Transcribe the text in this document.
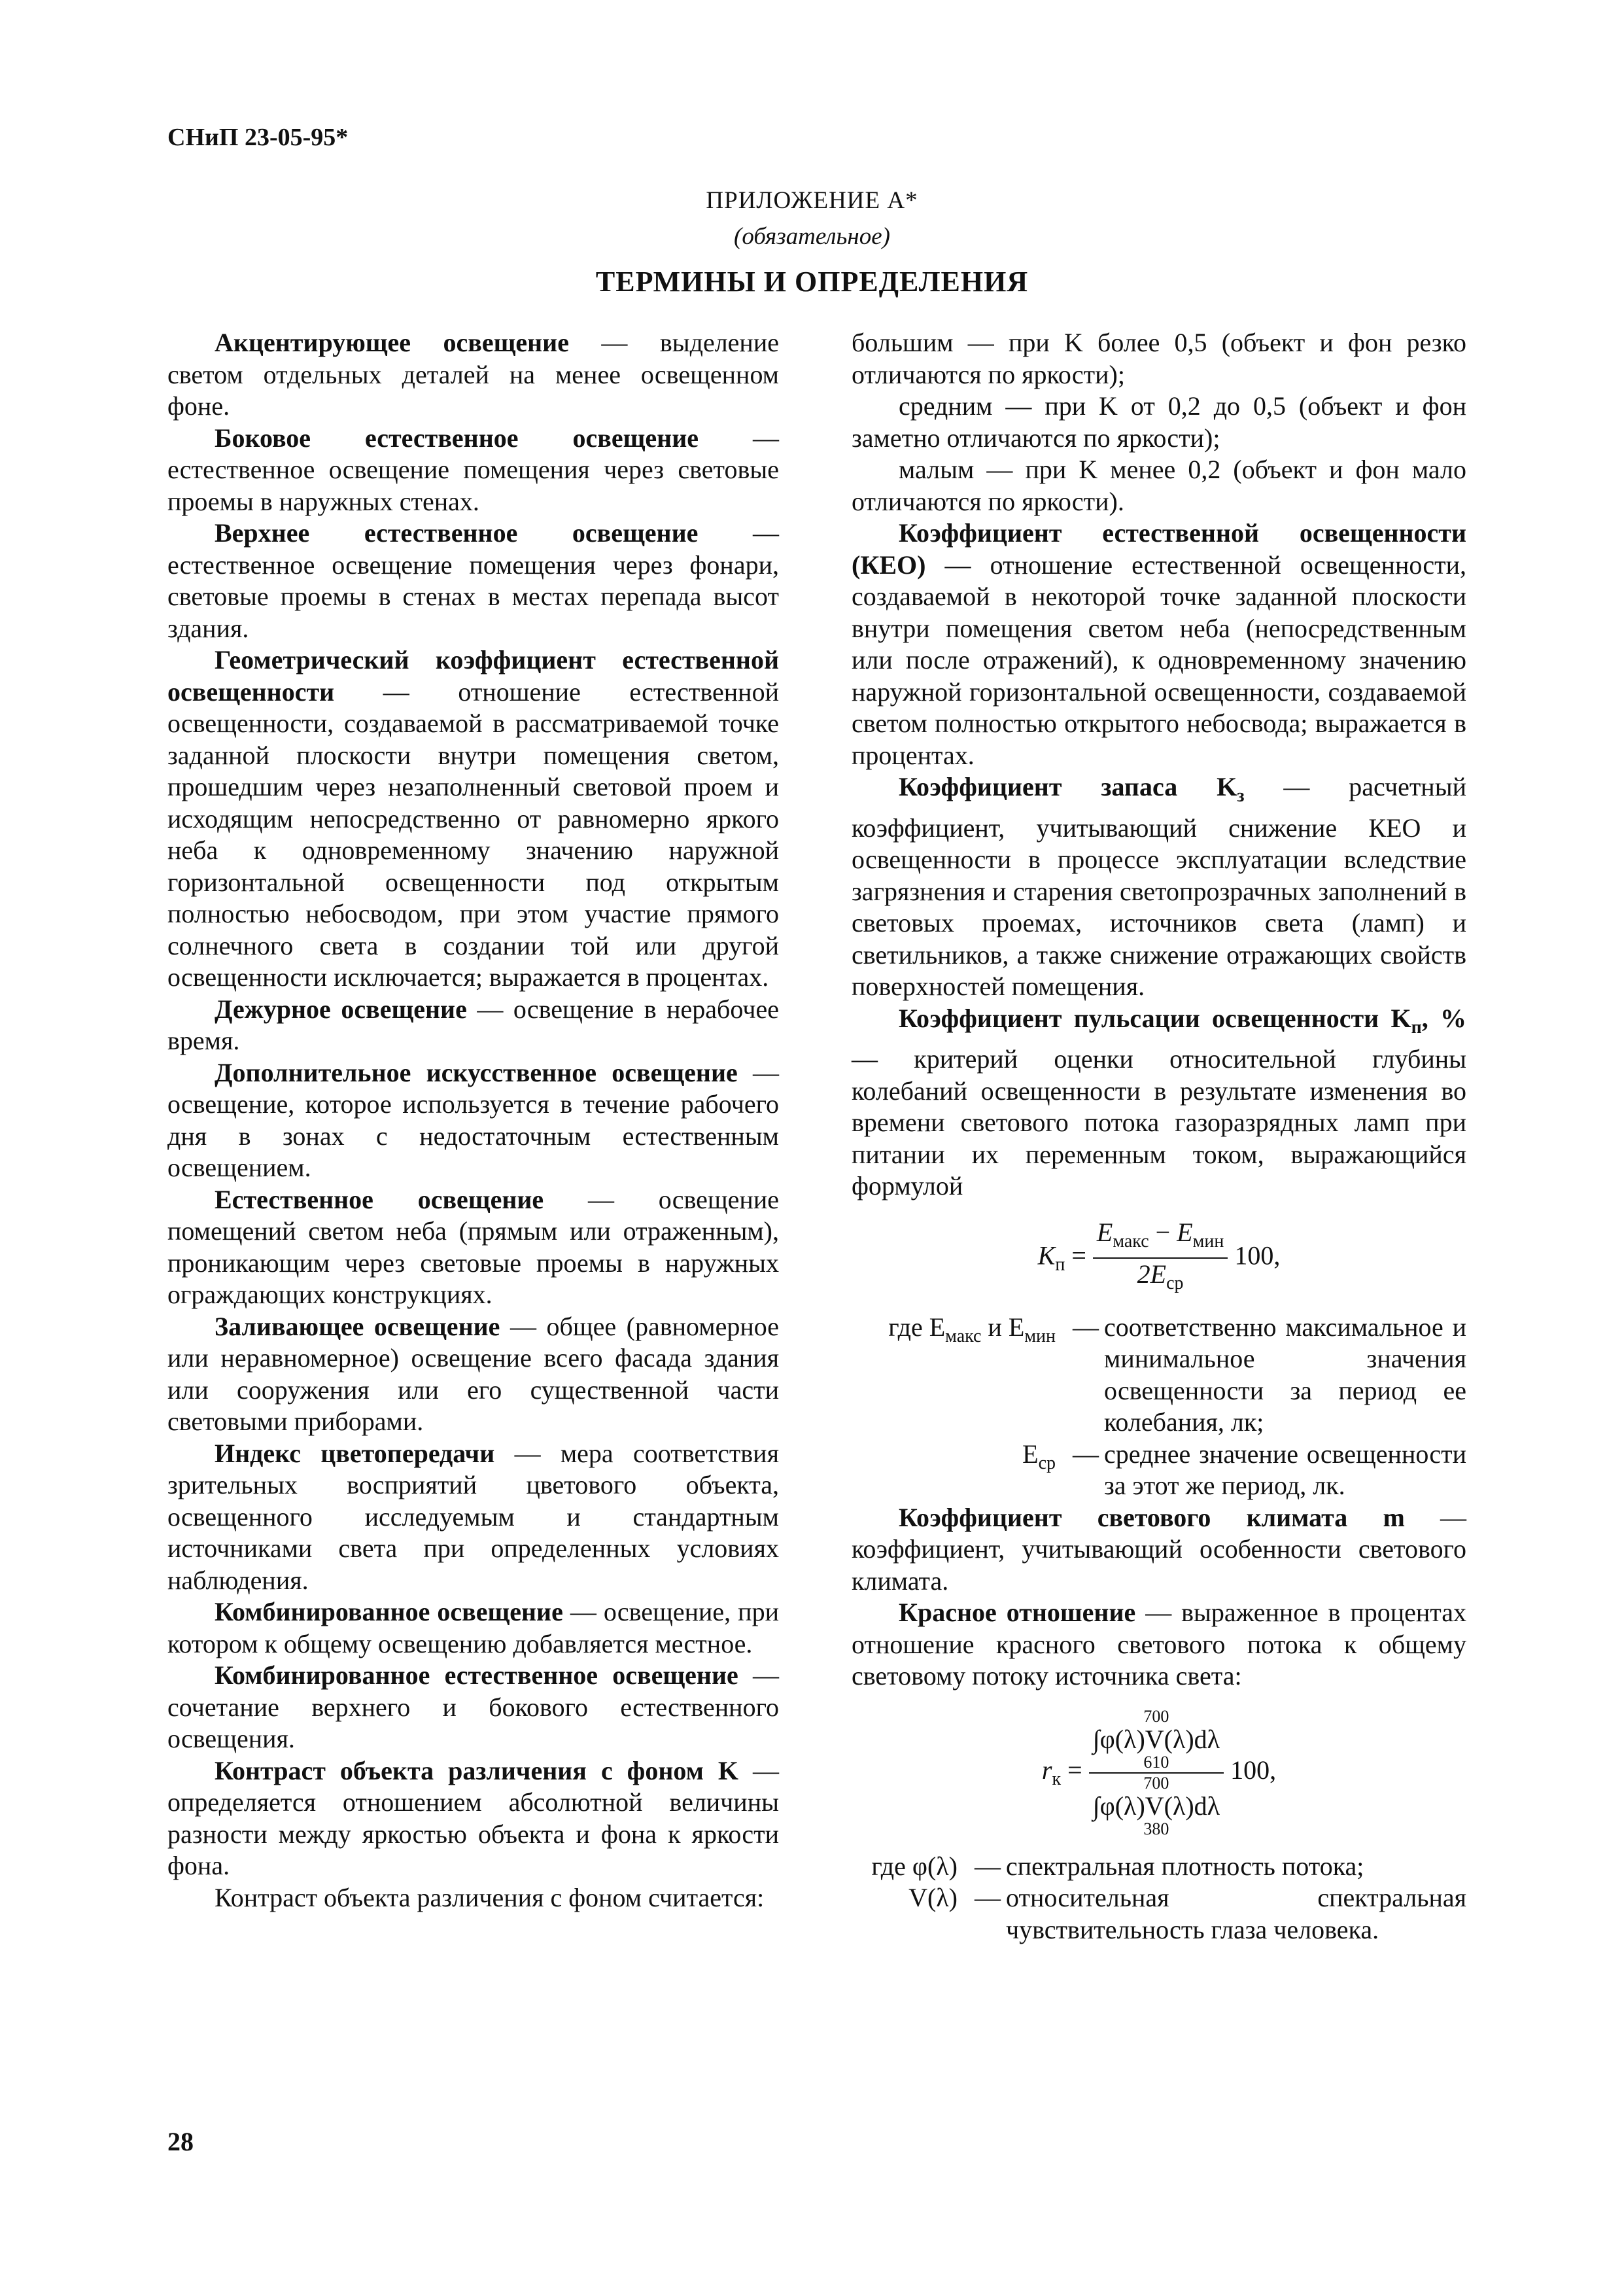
СНиП 23-05-95*
ПРИЛОЖЕНИЕ А*
(обязательное)
ТЕРМИНЫ И ОПРЕДЕЛЕНИЯ

Акцентирующее освещение — выделение светом отдельных деталей на менее освещенном фоне.

Боковое естественное освещение — естественное освещение помещения через световые проемы в наружных стенах.

Верхнее естественное освещение — естественное освещение помещения через фонари, световые проемы в стенах в местах перепада высот здания.

Геометрический коэффициент естественной освещенности — отношение естественной освещенности, создаваемой в рассматриваемой точке заданной плоскости внутри помещения светом, прошедшим через незаполненный световой проем и исходящим непосредственно от равномерно яркого неба к одновременному значению наружной горизонтальной освещенности под открытым полностью небосводом, при этом участие прямого солнечного света в создании той или другой освещенности исключается; выражается в процентах.

Дежурное освещение — освещение в нерабочее время.

Дополнительное искусственное освещение — освещение, которое используется в течение рабочего дня в зонах с недостаточным естественным освещением.

Естественное освещение — освещение помещений светом неба (прямым или отраженным), проникающим через световые проемы в наружных ограждающих конструкциях.

Заливающее освещение — общее (равномерное или неравномерное) освещение всего фасада здания или сооружения или его существенной части световыми приборами.

Индекс цветопередачи — мера соответствия зрительных восприятий цветового объекта, освещенного исследуемым и стандартным источниками света при определенных условиях наблюдения.

Комбинированное освещение — освещение, при котором к общему освещению добавляется местное.

Комбинированное естественное освещение — сочетание верхнего и бокового естественного освещения.

Контраст объекта различения с фоном K — определяется отношением абсолютной величины разности между яркостью объекта и фона к яркости фона.

Контраст объекта различения с фоном считается:

большим — при K более 0,5 (объект и фон резко отличаются по яркости);

средним — при K от 0,2 до 0,5 (объект и фон заметно отличаются по яркости);

малым — при K менее 0,2 (объект и фон мало отличаются по яркости).

Коэффициент естественной освещенности (КЕО) — отношение естественной освещенности, создаваемой в некоторой точке заданной плоскости внутри помещения светом неба (непосредственным или после отражений), к одновременному значению наружной горизонтальной освещенности, создаваемой светом полностью открытого небосвода; выражается в процентах.

Коэффициент запаса $K_з$ — расчетный коэффициент, учитывающий снижение КЕО и освещенности в процессе эксплуатации вследствие загрязнения и старения светопрозрачных заполнений в световых проемах, источников света (ламп) и светильников, а также снижение отражающих свойств поверхностей помещения.

Коэффициент пульсации освещенности $K_п$, % — критерий оценки относительной глубины колебаний освещенности в результате изменения во времени светового потока газоразрядных ламп при питании их переменным током, выражающийся формулой

$K_п = \frac{E_{макс} - E_{мин}}{2E_{ср}} 100$,
где $E_{макс}$ и $E_{мин}$ — соответственно максимальное и минимальное значения освещенности за период ее колебания, лк;
$E_{ср}$ — среднее значение освещенности за этот же период, лк.

Коэффициент светового климата m — коэффициент, учитывающий особенности светового климата.

Красное отношение — выраженное в процентах отношение красного светового потока к общему световому потоку источника света:

$r_к = 700$
∫φ(λ)V(λ)dλ
610
700
∫φ(λ)V(λ)dλ
380 100,
где φ(λ) — спектральная плотность потока;
V(λ) — относительная спектральная чувствительность глаза человека.
28
